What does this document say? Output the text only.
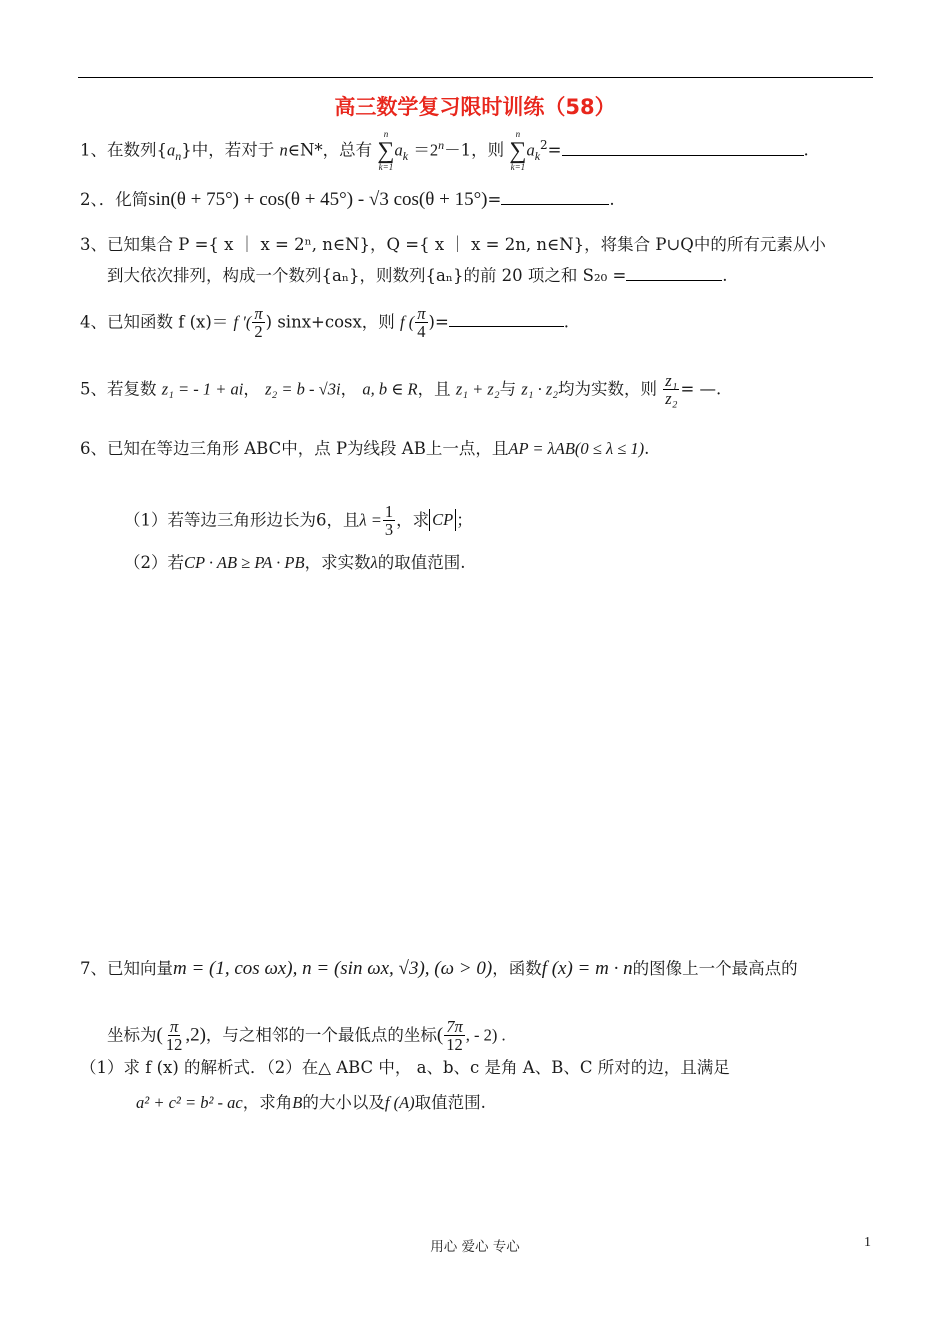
高三数学复习限时训练（58）
1、在数列$\{a_n\}$中，若对于 n∈N*，总有
n
∑
k=1
$a_k =2^n-1$，则
n
∑
k=1
$a_k^2=$	.
2、．化简sin(θ + 75°) + cos(θ + 45°) - √3 cos(θ + 15°)=	.
3、已知集合 P ={ x ｜ x = 2ⁿ, n∈N}，Q ={ x ｜ x = 2n, n∈N}，将集合 P∪Q中的所有元素从小
到大依次排列，构成一个数列{aₙ}，则数列{aₙ}的前 20 项之和 S₂₀ =	.
4、已知函数 f (x)＝ f ′( $\frac{\pi}{2}$ ) sinx+cosx，则 f ( $\frac{\pi}{4}$ )=	.
5、若复数 z₁ = - 1 + ai， z₂ = b - √3i， a, b ∈ R，且 z₁ + z₂与 z₁ · z₂均为实数，则 $\frac{\text{z₁}}{\text{z₂}}$ = —.
6、已知在等边三角形 ABC中，点 P为线段 AB上一点，且AP = λAB(0 ≤ λ ≤ 1).
（1）若等边三角形边长为6，且$\lambda = \frac{1}{3}$ ，求 CP ；
（2）若CP · AB ≥ PA · PB，求实数λ的取值范围.
7、已知向量m = (1, cos ωx), n = (sin ωx, √3), (ω > 0)，函数f (x) = m · n的图像上一个最高点的
坐标为( $\frac{\pi}{12} ,2$)，与之相邻的一个最低点的坐标( $\frac{7\pi}{12}$ , - 2) .
（1）求 f (x) 的解析式．（2）在△ ABC 中， a、b、c 是角 A、B、C 所对的边，且满足
a² + c² = b² - ac，求角B的大小以及f (A)取值范围.
用心 爱心 专心	1
